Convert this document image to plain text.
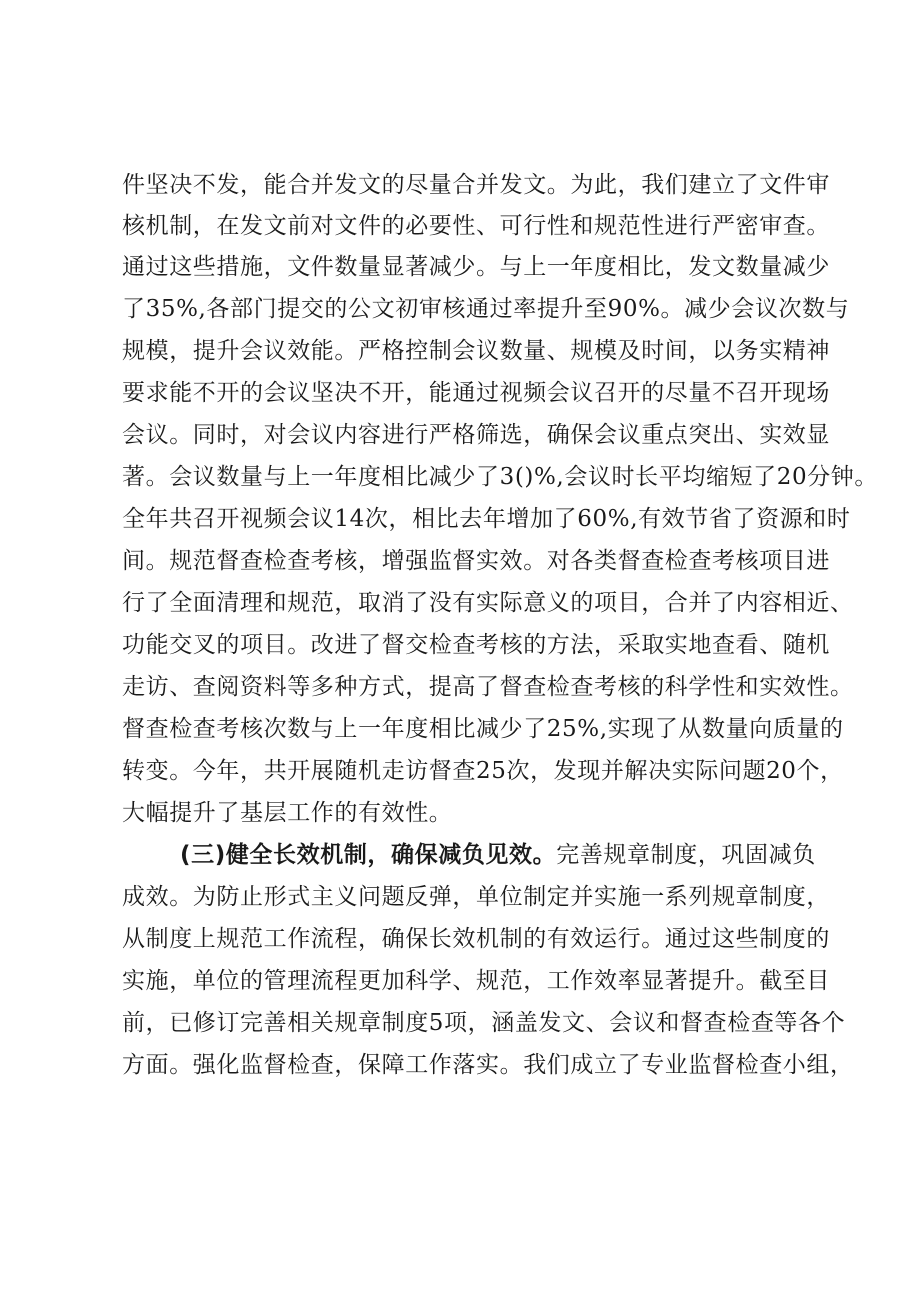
件坚决不发，能合并发文的尽量合并发文。为此，我们建立了文件审
核机制，在发文前对文件的必要性、可行性和规范性进行严密审查。
通过这些措施，文件数量显著减少。与上一年度相比，发文数量减少
了35%,各部门提交的公文初审核通过率提升至90%。减少会议次数与
规模，提升会议效能。严格控制会议数量、规模及时间，以务实精神
要求能不开的会议坚决不开，能通过视频会议召开的尽量不召开现场
会议。同时，对会议内容进行严格筛选，确保会议重点突出、实效显
著。会议数量与上一年度相比减少了3()%,会议时长平均缩短了20分钟。
全年共召开视频会议14次，相比去年增加了60%,有效节省了资源和时
间。规范督查检查考核，增强监督实效。对各类督查检查考核项目进
行了全面清理和规范，取消了没有实际意义的项目，合并了内容相近、
功能交叉的项目。改进了督交检查考核的方法，采取实地查看、随机
走访、查阅资料等多种方式，提高了督查检查考核的科学性和实效性。
督查检查考核次数与上一年度相比减少了25%,实现了从数量向质量的
转变。今年，共开展随机走访督查25次，发现并解决实际问题20个，
大幅提升了基层工作的有效性。
(三)健全长效机制，确保减负见效。完善规章制度，巩固减负
成效。为防止形式主义问题反弹，单位制定并实施一系列规章制度，
从制度上规范工作流程，确保长效机制的有效运行。通过这些制度的
实施，单位的管理流程更加科学、规范，工作效率显著提升。截至目
前，已修订完善相关规章制度5项，涵盖发文、会议和督查检查等各个
方面。强化监督检查，保障工作落实。我们成立了专业监督检查小组，
